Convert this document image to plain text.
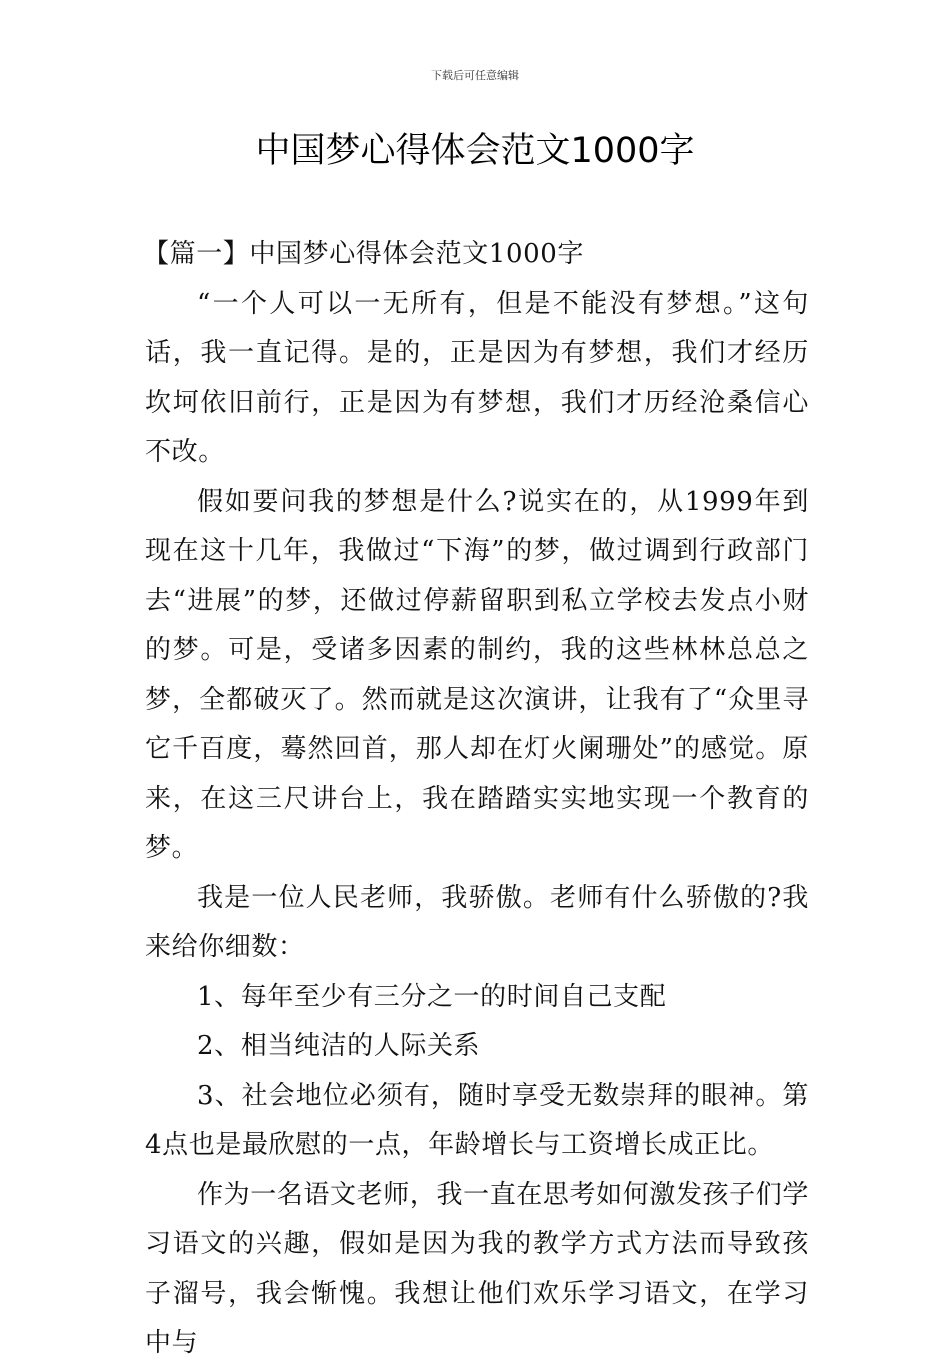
下载后可任意编辑
中国梦心得体会范文1000字

【篇一】中国梦心得体会范文1000字

“一个人可以一无所有，但是不能没有梦想。”这句话，我一直记得。是的，正是因为有梦想，我们才经历坎坷依旧前行，正是因为有梦想，我们才历经沧桑信心不改。

假如要问我的梦想是什么?说实在的，从1999年到现在这十几年，我做过“下海”的梦，做过调到行政部门去“进展”的梦，还做过停薪留职到私立学校去发点小财的梦。可是，受诸多因素的制约，我的这些林林总总之梦，全都破灭了。然而就是这次演讲，让我有了“众里寻它千百度，蓦然回首，那人却在灯火阑珊处”的感觉。原来，在这三尺讲台上，我在踏踏实实地实现一个教育的梦。

我是一位人民老师，我骄傲。老师有什么骄傲的?我来给你细数：

1、每年至少有三分之一的时间自己支配

2、相当纯洁的人际关系

3、社会地位必须有，随时享受无数崇拜的眼神。第4点也是最欣慰的一点，年龄增长与工资增长成正比。

作为一名语文老师，我一直在思考如何激发孩子们学习语文的兴趣，假如是因为我的教学方式方法而导致孩子溜号，我会惭愧。我想让他们欢乐学习语文，在学习中与
